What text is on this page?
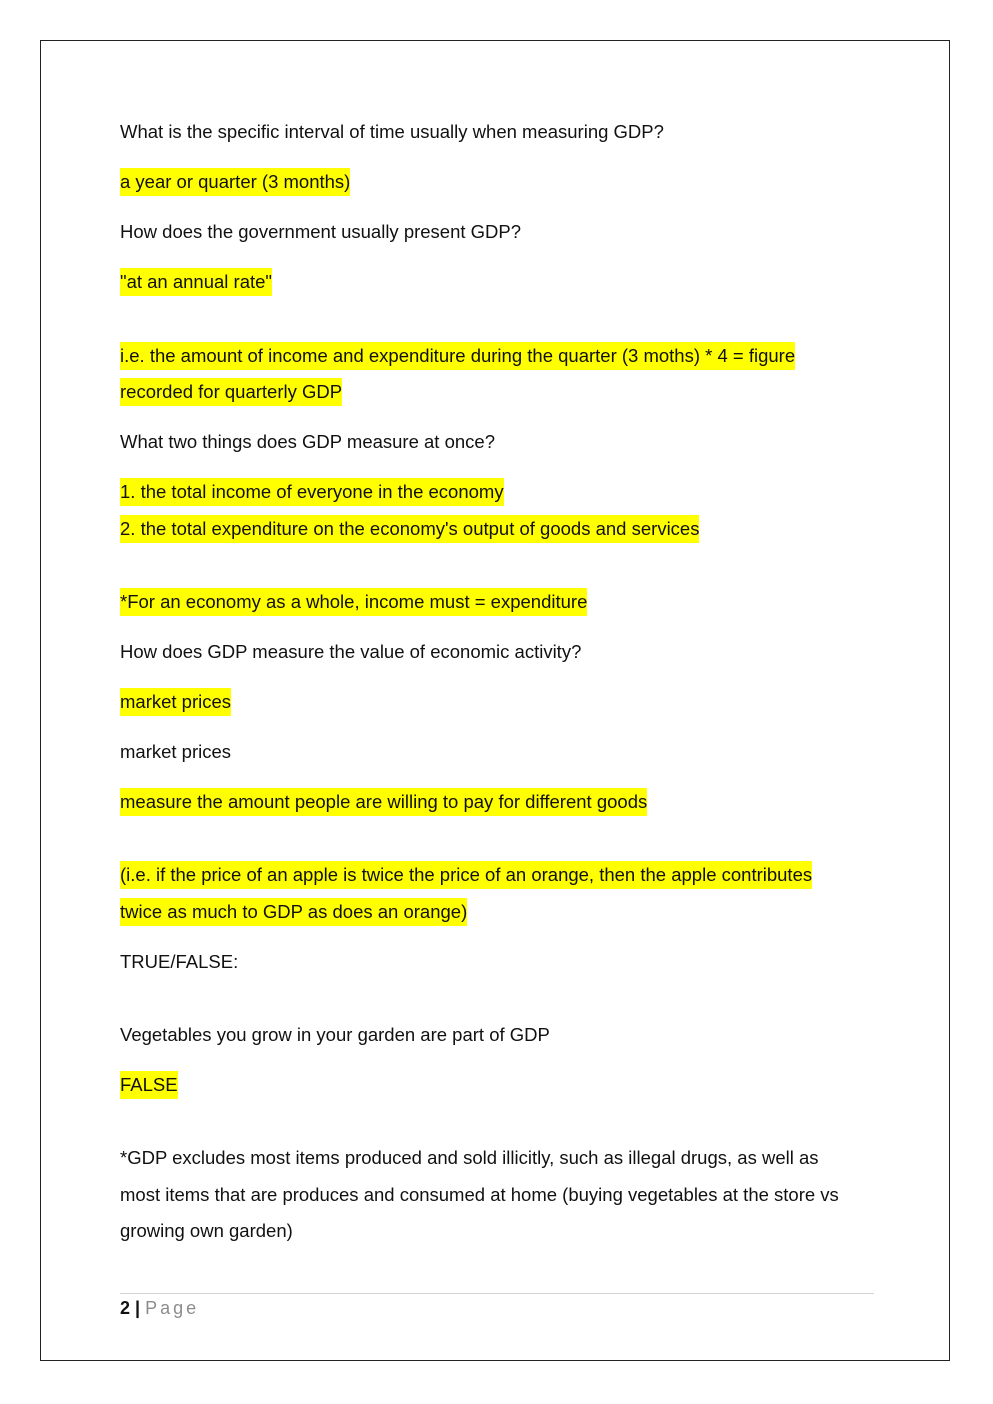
What is the specific interval of time usually when measuring GDP?
a year or quarter (3 months)
How does the government usually present GDP?
"at an annual rate"
i.e. the amount of income and expenditure during the quarter (3 moths) * 4 = figure
recorded for quarterly GDP
What two things does GDP measure at once?
1. the total income of everyone in the economy
2. the total expenditure on the economy's output of goods and services
*For an economy as a whole, income must = expenditure
How does GDP measure the value of economic activity?
market prices
market prices
measure the amount people are willing to pay for different goods
(i.e. if the price of an apple is twice the price of an orange, then the apple contributes
twice as much to GDP as does an orange)
TRUE/FALSE:
Vegetables you grow in your garden are part of GDP
FALSE
*GDP excludes most items produced and sold illicitly, such as illegal drugs, as well as
most items that are produces and consumed at home (buying vegetables at the store vs
growing own garden)
2 | Page
